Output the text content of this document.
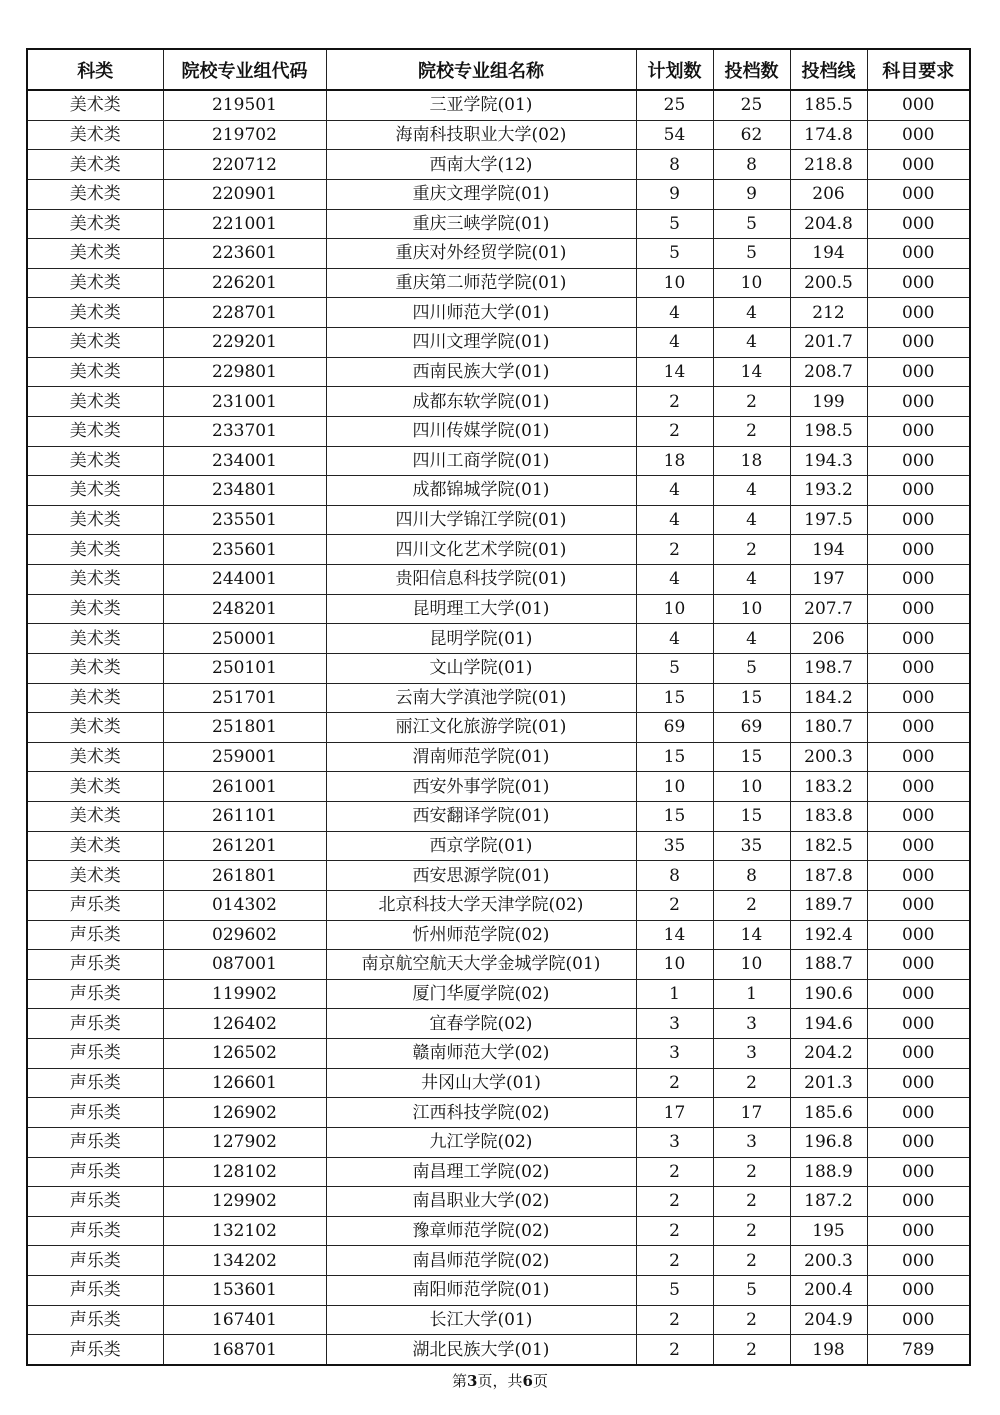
科类	院校专业组代码	院校专业组名称	计划数	投档数	投档线	科目要求
美术类	219501	三亚学院(01)	25	25	185.5	000
美术类	219702	海南科技职业大学(02)	54	62	174.8	000
美术类	220712	西南大学(12)	8	8	218.8	000
美术类	220901	重庆文理学院(01)	9	9	206	000
美术类	221001	重庆三峡学院(01)	5	5	204.8	000
美术类	223601	重庆对外经贸学院(01)	5	5	194	000
美术类	226201	重庆第二师范学院(01)	10	10	200.5	000
美术类	228701	四川师范大学(01)	4	4	212	000
美术类	229201	四川文理学院(01)	4	4	201.7	000
美术类	229801	西南民族大学(01)	14	14	208.7	000
美术类	231001	成都东软学院(01)	2	2	199	000
美术类	233701	四川传媒学院(01)	2	2	198.5	000
美术类	234001	四川工商学院(01)	18	18	194.3	000
美术类	234801	成都锦城学院(01)	4	4	193.2	000
美术类	235501	四川大学锦江学院(01)	4	4	197.5	000
美术类	235601	四川文化艺术学院(01)	2	2	194	000
美术类	244001	贵阳信息科技学院(01)	4	4	197	000
美术类	248201	昆明理工大学(01)	10	10	207.7	000
美术类	250001	昆明学院(01)	4	4	206	000
美术类	250101	文山学院(01)	5	5	198.7	000
美术类	251701	云南大学滇池学院(01)	15	15	184.2	000
美术类	251801	丽江文化旅游学院(01)	69	69	180.7	000
美术类	259001	渭南师范学院(01)	15	15	200.3	000
美术类	261001	西安外事学院(01)	10	10	183.2	000
美术类	261101	西安翻译学院(01)	15	15	183.8	000
美术类	261201	西京学院(01)	35	35	182.5	000
美术类	261801	西安思源学院(01)	8	8	187.8	000
声乐类	014302	北京科技大学天津学院(02)	2	2	189.7	000
声乐类	029602	忻州师范学院(02)	14	14	192.4	000
声乐类	087001	南京航空航天大学金城学院(01)	10	10	188.7	000
声乐类	119902	厦门华厦学院(02)	1	1	190.6	000
声乐类	126402	宜春学院(02)	3	3	194.6	000
声乐类	126502	赣南师范大学(02)	3	3	204.2	000
声乐类	126601	井冈山大学(01)	2	2	201.3	000
声乐类	126902	江西科技学院(02)	17	17	185.6	000
声乐类	127902	九江学院(02)	3	3	196.8	000
声乐类	128102	南昌理工学院(02)	2	2	188.9	000
声乐类	129902	南昌职业大学(02)	2	2	187.2	000
声乐类	132102	豫章师范学院(02)	2	2	195	000
声乐类	134202	南昌师范学院(02)	2	2	200.3	000
声乐类	153601	南阳师范学院(01)	5	5	200.4	000
声乐类	167401	长江大学(01)	2	2	204.9	000
声乐类	168701	湖北民族大学(01)	2	2	198	789
第3页，共6页
